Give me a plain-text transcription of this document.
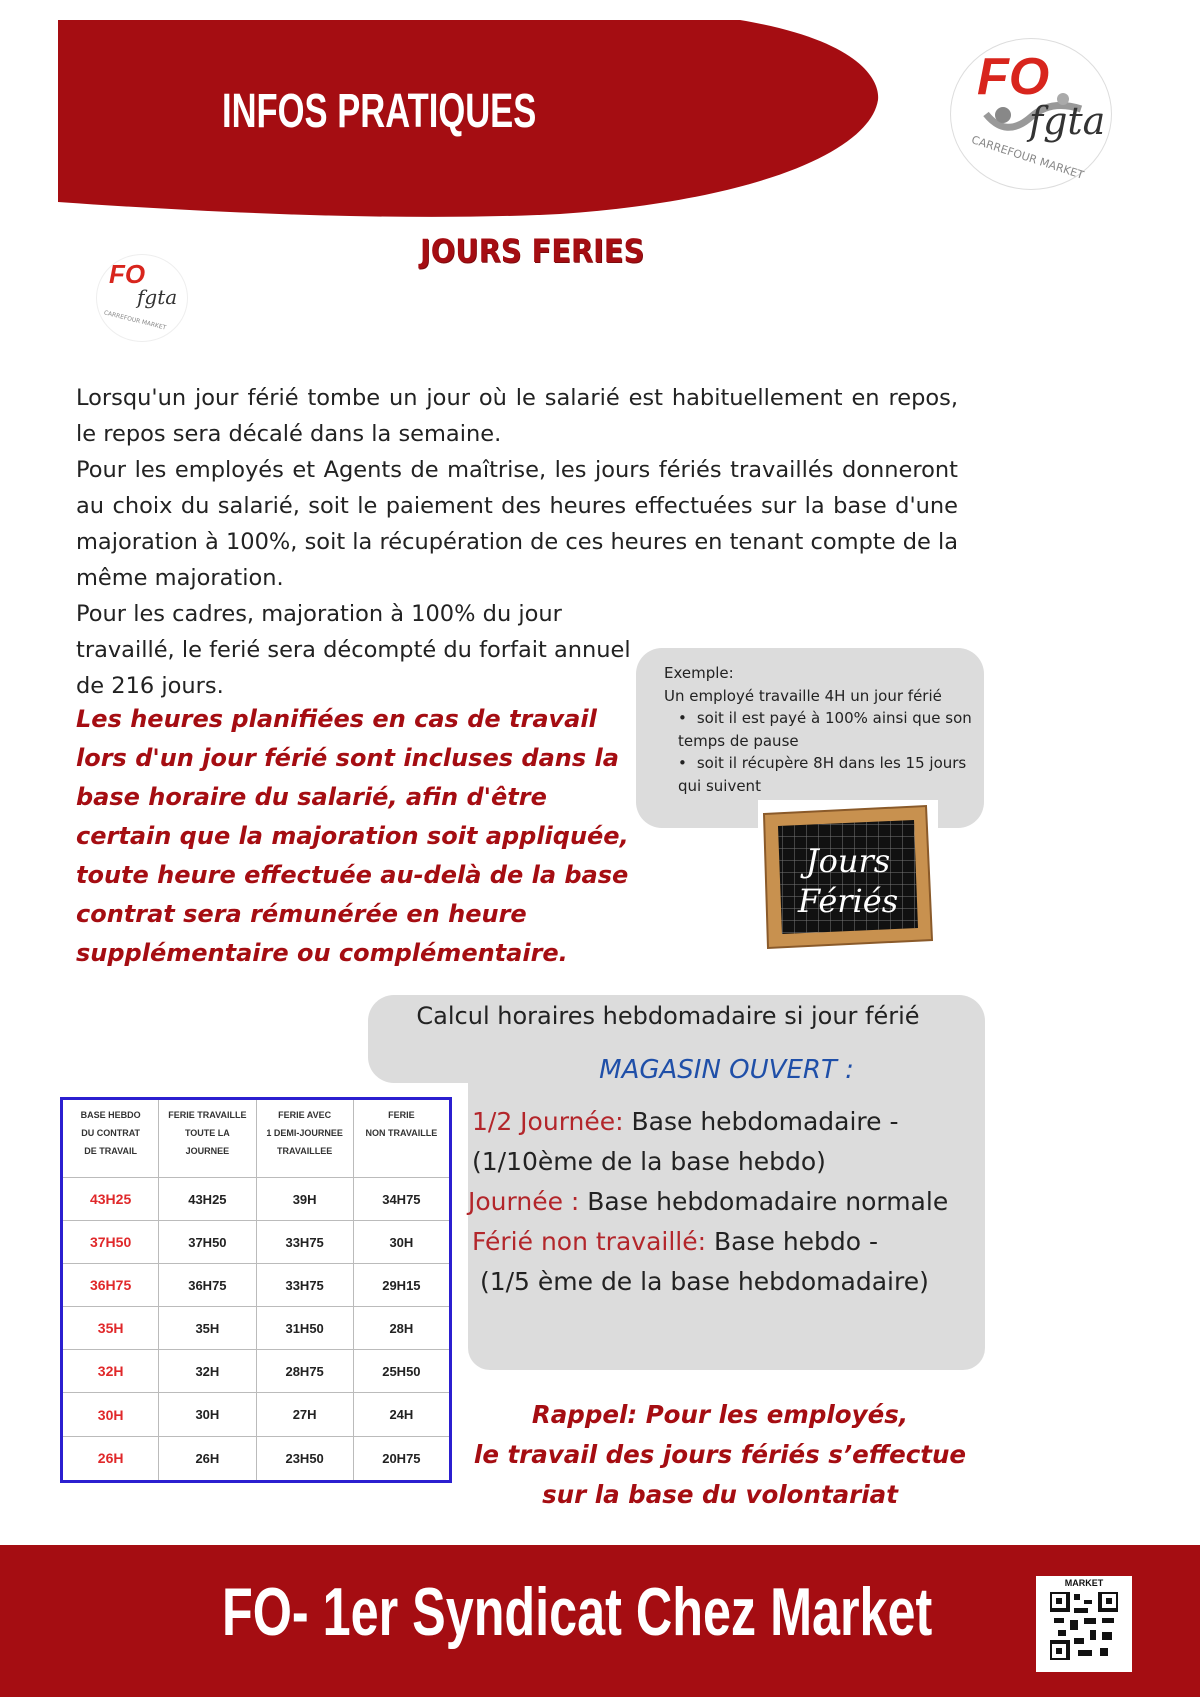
INFOS PRATIQUES
FO
fgta
CARREFOUR MARKET
JOURS FERIES
FO
fgta
CARREFOUR MARKET

Lorsqu'un jour férié tombe un jour où le salarié est habituellement en repos, le repos sera décalé dans la semaine.

Pour les employés et Agents de maîtrise, les jours fériés travaillés donneront au choix du salarié, soit le paiement des heures effectuées sur la base d'une majoration à 100%, soit la récupération de ces heures en tenant compte de la même majoration.

Pour les cadres, majoration à 100% du jour travaillé, le ferié sera décompté du forfait annuel de 216 jours.

Les heures planifiées en cas de travail lors d'un jour férié sont incluses dans la base horaire du salarié, afin d'être certain que la majoration soit appliquée, toute heure effectuée au-delà de la base contrat sera rémunérée en heure supplémentaire ou complémentaire.
Exemple:
Un employé travaille 4H un jour férié
• soit il est payé à 100% ainsi que son temps de pause
• soit il récupère 8H dans les 15 jours qui suivent
Jours
Fériés
Calcul horaires hebdomadaire si jour férié
MAGASIN OUVERT :
1/2 Journée: Base hebdomadaire -
(1/10ème de la base hebdo)
Journée : Base hebdomadaire normale
Férié non travaillé: Base hebdo -
(1/5 ème de la base hebdomadaire)
BASE HEBDO
DU CONTRAT
DE TRAVAIL	FERIE TRAVAILLE
TOUTE LA
JOURNEE	FERIE AVEC
1 DEMI-JOURNEE
TRAVAILLEE	FERIE
NON TRAVAILLE
43H25	43H25	39H	34H75
37H50	37H50	33H75	30H
36H75	36H75	33H75	29H15
35H	35H	31H50	28H
32H	32H	28H75	25H50
30H	30H	27H	24H
26H	26H	23H50	20H75
Rappel: Pour les employés,
le travail des jours fériés s’effectue
sur la base du volontariat
FO- 1er Syndicat Chez Market	MARKET
